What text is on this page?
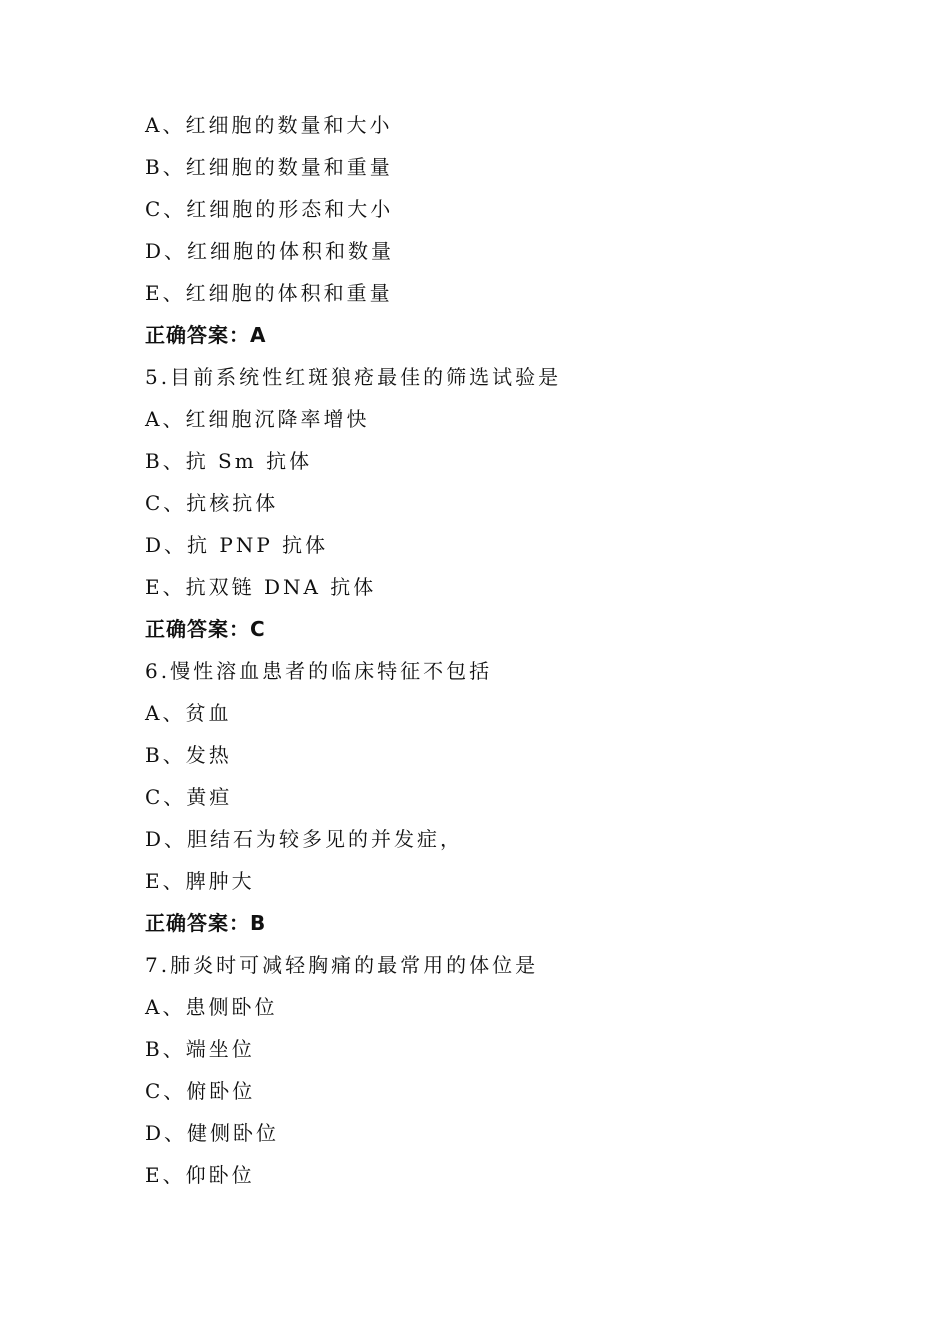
A、红细胞的数量和大小
B、红细胞的数量和重量
C、红细胞的形态和大小
D、红细胞的体积和数量
E、红细胞的体积和重量
正确答案：A
5.目前系统性红斑狼疮最佳的筛选试验是
A、红细胞沉降率增快
B、抗 Sm 抗体
C、抗核抗体
D、抗 PNP 抗体
E、抗双链 DNA 抗体
正确答案：C
6.慢性溶血患者的临床特征不包括
A、贫血
B、发热
C、黄疸
D、胆结石为较多见的并发症，
E、脾肿大
正确答案：B
7.肺炎时可减轻胸痛的最常用的体位是
A、患侧卧位
B、端坐位
C、俯卧位
D、健侧卧位
E、仰卧位
